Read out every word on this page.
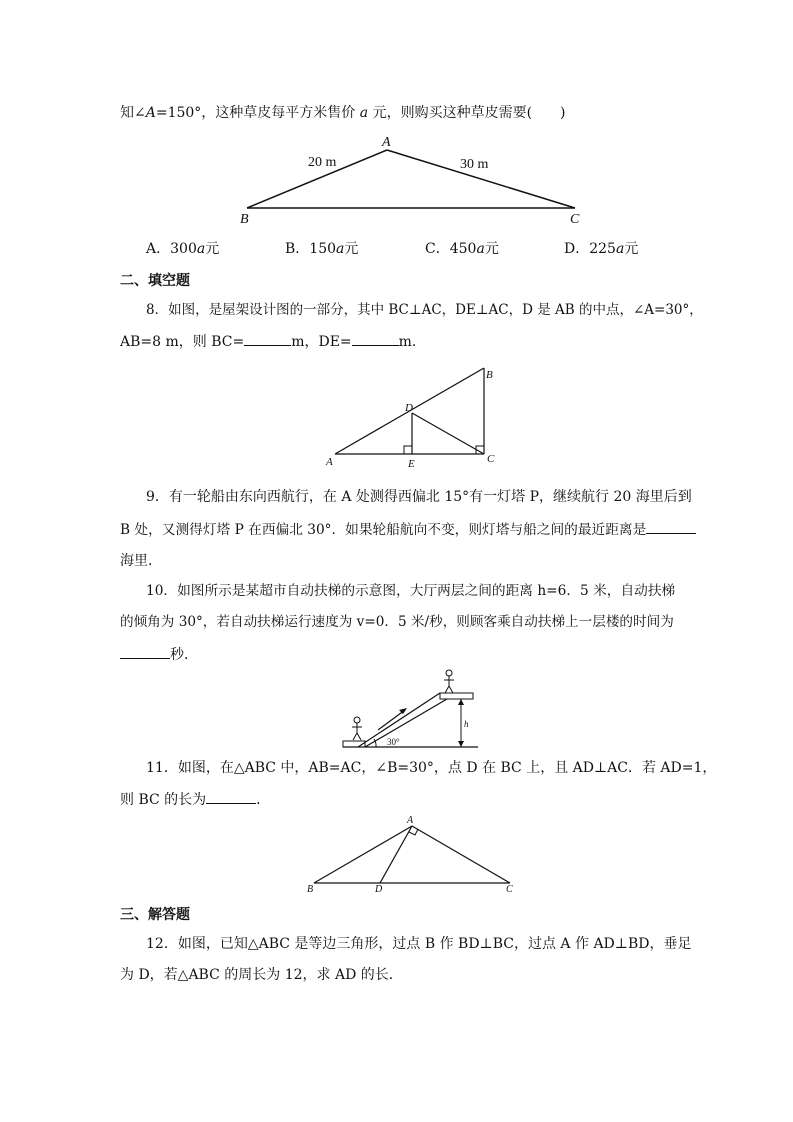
知∠A=150°，这种草皮每平方米售价 a 元，则购买这种草皮需要(　　)
A
B	C
20 m	30 m
A．300a元	B．150a元	C．450a元	D．225a元
二、填空题
8．如图，是屋架设计图的一部分，其中 BC⊥AC，DE⊥AC，D 是 AB 的中点，∠A=30°，
AB=8 m，则 BC=	m，DE=	m．
A
B
C
D
E
9．有一轮船由东向西航行，在 A 处测得西偏北 15°有一灯塔 P，继续航行 20 海里后到
B 处，又测得灯塔 P 在西偏北 30°．如果轮船航向不变，则灯塔与船之间的最近距离是
海里．
10．如图所示是某超市自动扶梯的示意图，大厅两层之间的距离 h=6．5 米，自动扶梯
的倾角为 30°，若自动扶梯运行速度为 v=0．5 米/秒，则顾客乘自动扶梯上一层楼的时间为
秒．
h
30°
11．如图，在△ABC 中，AB=AC，∠B=30°，点 D 在 BC 上，且 AD⊥AC．若 AD=1，
则 BC 的长为	．
A
B	C
D
三、解答题
12．如图，已知△ABC 是等边三角形，过点 B 作 BD⊥BC，过点 A 作 AD⊥BD，垂足
为 D，若△ABC 的周长为 12，求 AD 的长．
